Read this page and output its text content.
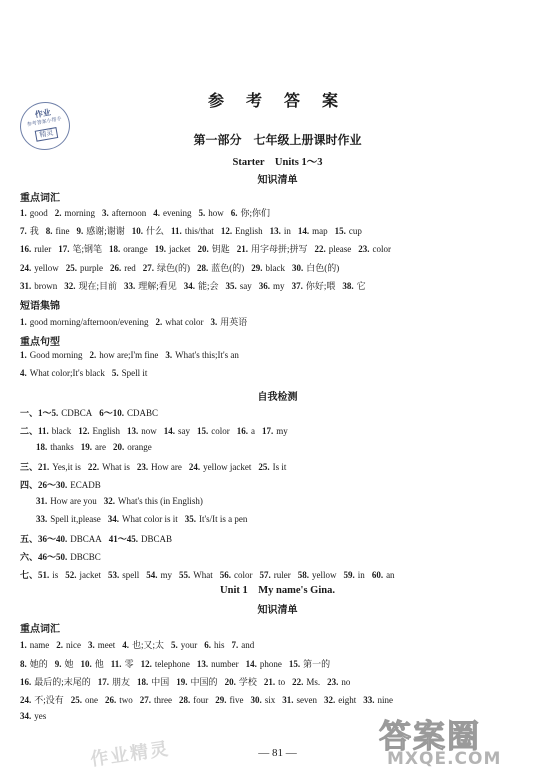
作业
参考答案小帮手
精灵
参 考 答 案
第一部分　七年级上册课时作业
Starter　Units 1～3
知识清单
重点词汇
1. good 2. morning 3. afternoon 4. evening 5. how 6. 你;你们
7. 我 8. fine 9. 感谢;谢谢 10. 什么 11. this/that 12. English 13. in 14. map 15. cup
16. ruler 17. 笔;钢笔 18. orange 19. jacket 20. 钥匙 21. 用字母拼;拼写 22. please 23. color
24. yellow 25. purple 26. red 27. 绿色(的) 28. 蓝色(的) 29. black 30. 白色(的)
31. brown 32. 现在;目前 33. 理解;看见 34. 能;会 35. say 36. my 37. 你好;喂 38. 它
短语集锦
1. good morning/afternoon/evening 2. what color 3. 用英语
重点句型
1. Good morning 2. how are;I'm fine 3. What's this;It's an
4. What color;It's black 5. Spell it
自我检测
一、1～5. CDBCA 6～10. CDABC
二、11. black 12. English 13. now 14. say 15. color 16. a 17. my
18. thanks 19. are 20. orange
三、21. Yes,it is 22. What is 23. How are 24. yellow jacket 25. Is it
四、26～30. ECADB
31. How are you 32. What's this (in English)
33. Spell it,please 34. What color is it 35. It's/It is a pen
五、36～40. DBCAA 41～45. DBCAB
六、46～50. DBCBC
七、51. is 52. jacket 53. spell 54. my 55. What 56. color 57. ruler 58. yellow 59. in 60. an
Unit 1　My name's Gina.
知识清单
重点词汇
1. name 2. nice 3. meet 4. 也;又;太 5. your 6. his 7. and
8. 她的 9. 她 10. 他 11. 零 12. telephone 13. number 14. phone 15. 第一的
16. 最后的;末尾的 17. 朋友 18. 中国 19. 中国的 20. 学校 21. to 22. Ms. 23. no
24. 不;没有 25. one 26. two 27. three 28. four 29. five 30. six 31. seven 32. eight 33. nine
34. yes
— 81 —
作业精灵	答案圈
MXQE.COM
